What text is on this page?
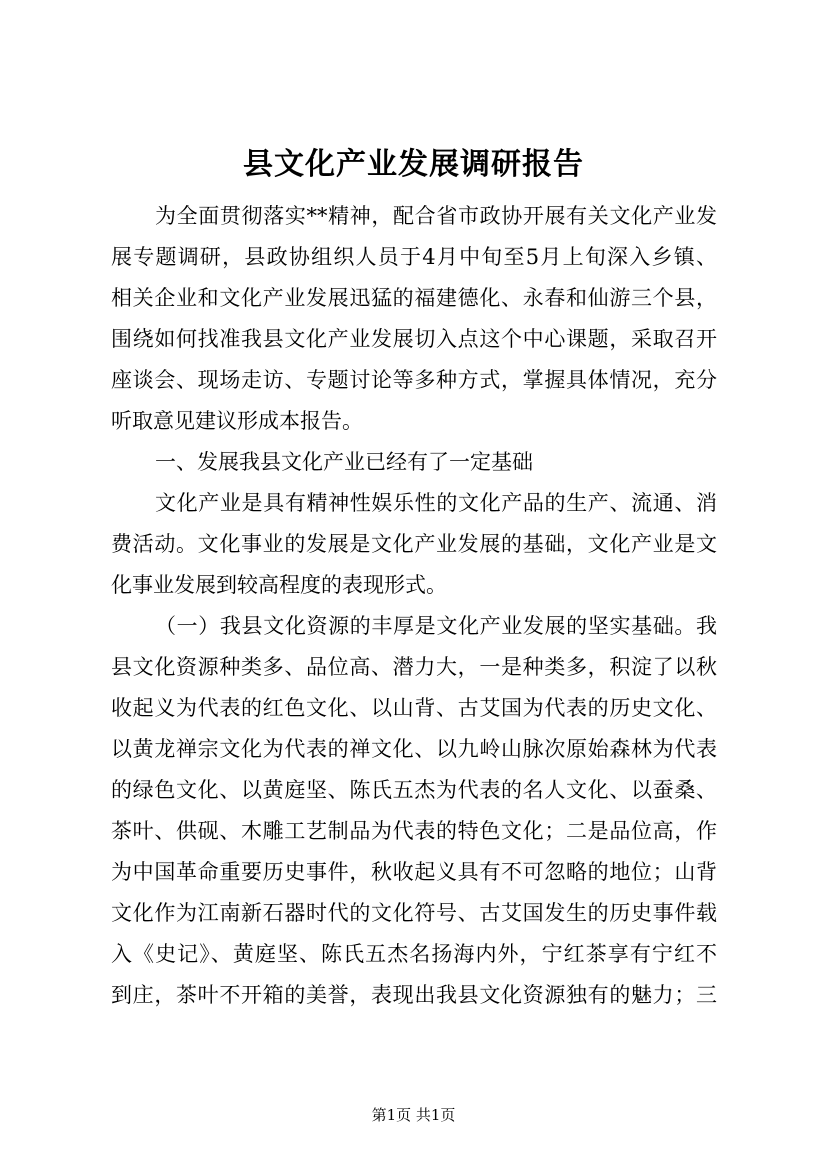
县文化产业发展调研报告
为全面贯彻落实**精神，配合省市政协开展有关文化产业发
展专题调研，县政协组织人员于4月中旬至5月上旬深入乡镇、
相关企业和文化产业发展迅猛的福建德化、永春和仙游三个县，
围绕如何找准我县文化产业发展切入点这个中心课题，采取召开
座谈会、现场走访、专题讨论等多种方式，掌握具体情况，充分
听取意见建议形成本报告。
一、发展我县文化产业已经有了一定基础
文化产业是具有精神性娱乐性的文化产品的生产、流通、消
费活动。文化事业的发展是文化产业发展的基础，文化产业是文
化事业发展到较高程度的表现形式。
（一）我县文化资源的丰厚是文化产业发展的坚实基础。我
县文化资源种类多、品位高、潜力大，一是种类多，积淀了以秋
收起义为代表的红色文化、以山背、古艾国为代表的历史文化、
以黄龙禅宗文化为代表的禅文化、以九岭山脉次原始森林为代表
的绿色文化、以黄庭坚、陈氏五杰为代表的名人文化、以蚕桑、
茶叶、供砚、木雕工艺制品为代表的特色文化；二是品位高，作
为中国革命重要历史事件，秋收起义具有不可忽略的地位；山背
文化作为江南新石器时代的文化符号、古艾国发生的历史事件载
入《史记》、黄庭坚、陈氏五杰名扬海内外，宁红茶享有宁红不
到庄，茶叶不开箱的美誉，表现出我县文化资源独有的魅力；三
第1页 共1页
